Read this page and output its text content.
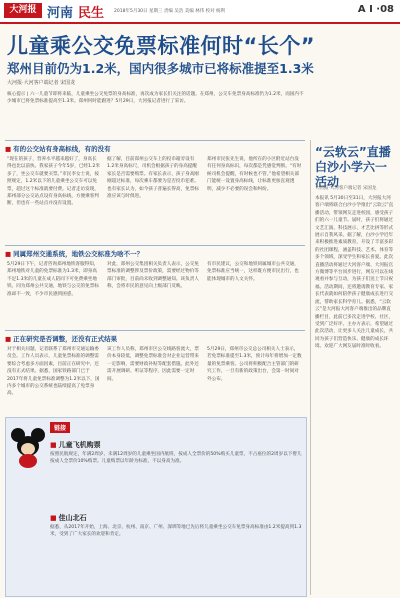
大河报 河南 民生 2018年5月30日 星期三 责编 吴浩 美编 林伟 校对 杨利	A I ·08
儿童乘公交免票标准何时“长个”
郑州目前仍为1.2米，国内很多城市已将标准提至1.3米
大河报·大河客户端记者 宋国龙
核心提示 | 六一儿童节即将来临，儿童乘坐公交免票的身高标准，再次成为家长们关注的话题。在郑州，公交车免票身高标准仍为1.2米，而国内不少城市已将免票标准提高至1.3米。郑州何时能跟进？5月29日，大河报记者进行了采访。
■ 有的公交站有身高标线，有的没有
“现在的孩子，营养水平越来越好了，身高长得也比以前快。我家孩子今年5岁，已经1.2米多了，坐公交车就要买票。”市民李女士说，按照规定，1.2米以下的儿童乘坐公交车可以免票，超过这个标准就要付费。记者走访发现，郑州部分公交站点设有身高标线，方便乘客判断，但也有一些站点并没有设置。
据了解，目前郑州公交车上的投币箱旁设有1.2米身高标尺，司机会根据孩子的身高提醒家长是否需要购票。有家长表示，孩子身高刚刚超过标准，每次乘车都要为是否投币犯难。也有家长认为，如今孩子普遍长得高，免票标准应该与时俱进。
郑州市民张先生说，他所在的小区附近站台没有任何身高标识，每次都是凭感觉判断。“有时候司机会提醒，有时候也不管。”他希望相关部门能统一设置身高标线，让标准更加直观透明，减少不必要的误会和纠纷。
■ 同属郑州交通系统，地铁公交标准为啥不一？
5月29日下午，记者咨询郑州地铁客服得知，郑州地铁对儿童的免票标准为1.3米，即身高不足1.3米的儿童在成人陪同下可免费乘坐地铁。同为郑州公共交通，地铁与公交的免票标准却不一致，不少市民感到困惑。
对此，郑州公交集团相关负责人表示，公交免票标准的调整涉及票价政策，需要经过物价等部门审批，目前尚未收到调整通知。该负责人称，会将市民的意见向上级部门反映。
有市民建议，公交和地铁同属城市公共交通，免票标准应当统一，这样既方便市民出行，也能体现城市的人文关怀。
■ 正在研究是否调整，还没有正式结果
对于相关问题，记者联系了郑州市交通运输委员会。工作人员表示，儿童免票标准的调整需要综合考虑多方面因素，目前正在研究中，还没有正式结果。据悉，国家铁路部门已于2017年将儿童免票标准调整为1.2米以下，国内多个城市的公交系统也陆续提高了免票身高。
该工作人员称，郑州市区公交线路客流大，票价本身较低，调整免票标准会对企业运营带来一定影响，需要财政补贴等配套措施。此外还需开展调研、听证等程序，因此需要一定时间。
5月29日，郑州市公交总公司相关人士表示，若免票标准提至1.3米，预计每年将增加一定数量的免票乘客。公司将积极配合主管部门的研究工作，一旦有新的政策出台，会第一时间对外公布。
链接
■ 儿童飞机购票
按照民航规定，年满2周岁、未满12周岁的儿童乘坐国内航班，按成人全票价的50%购买儿童票，不占座位的2周岁以下婴儿按成人全票价10%购票。儿童购票以年龄为标准，不以身高为准。
■ 佳山北石
据悉，从2017年开始，上海、北京、杭州、南京、广州、深圳等地已先后将儿童乘坐公交车免票身高标准由1.2米提高到1.3米，受到了广大家长的欢迎和肯定。
“云软云”直播白沙小学六一活动
大河报·大河客户端记者 宋国龙
本报讯 5月30日至31日，大河报大河客户端将联合白沙小学推出“云软云”直播活动，带领网友走进校园，感受孩子们的六一儿童节。届时，孩子们将通过文艺汇演、科技展示、才艺比拼等形式展示自我风采。据了解，白沙小学近年来积极推进素质教育，开设了丰富多彩的社团课程，涵盖科技、艺术、体育等多个领域，深受学生和家长喜爱。此次直播活动将通过大河客户端、大河报官方微博等平台同步进行，网友可以在线观看并参与互动，为孩子们送上节日祝福。活动期间，还将邀请教育专家、家长代表就如何陪伴孩子健康成长进行交流，帮助家长科学育儿。据悉，“云软云”是大河报大河客户端推出的品牌直播栏目，此前已多次走进学校、社区，受到广泛好评。主办方表示，希望通过此次活动，让更多人关注儿童成长，共同为孩子们营造快乐、健康的成长环境。欢迎广大网友届时准时收看。
